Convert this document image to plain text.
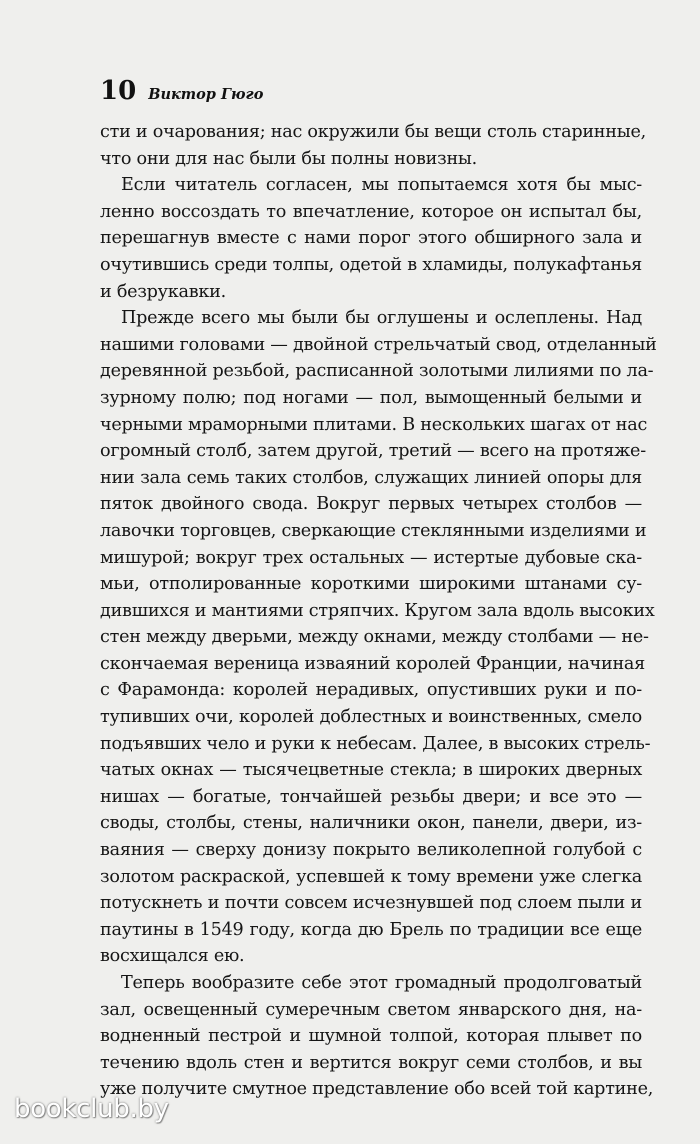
10 Виктор Гюго
сти и очарования; нас окружили бы вещи столь старинные,
что они для нас были бы полны новизны.
Если читатель согласен, мы попытаемся хотя бы мыс-
ленно воссоздать то впечатление, которое он испытал бы,
перешагнув вместе с нами порог этого обширного зала и
очутившись среди толпы, одетой в хламиды, полукафтанья
и безрукавки.
Прежде всего мы были бы оглушены и ослеплены. Над
нашими головами — двойной стрельчатый свод, отделанный
деревянной резьбой, расписанной золотыми лилиями по ла-
зурному полю; под ногами — пол, вымощенный белыми и
черными мраморными плитами. В нескольких шагах от нас
огромный столб, затем другой, третий — всего на протяже-
нии зала семь таких столбов, служащих линией опоры для
пяток двойного свода. Вокруг первых четырех столбов —
лавочки торговцев, сверкающие стеклянными изделиями и
мишурой; вокруг трех остальных — истертые дубовые ска-
мьи, отполированные короткими широкими штанами су-
дившихся и мантиями стряпчих. Кругом зала вдоль высоких
стен между дверьми, между окнами, между столбами — не-
скончаемая вереница изваяний королей Франции, начиная
с Фарамонда: королей нерадивых, опустивших руки и по-
тупивших очи, королей доблестных и воинственных, смело
подъявших чело и руки к небесам. Далее, в высоких стрель-
чатых окнах — тысячецветные стекла; в широких дверных
нишах — богатые, тончайшей резьбы двери; и все это —
своды, столбы, стены, наличники окон, панели, двери, из-
ваяния — сверху донизу покрыто великолепной голубой с
золотом раскраской, успевшей к тому времени уже слегка
потускнеть и почти совсем исчезнувшей под слоем пыли и
паутины в 1549 году, когда дю Брель по традиции все еще
восхищался ею.
Теперь вообразите себе этот громадный продолговатый
зал, освещенный сумеречным светом январского дня, на-
водненный пестрой и шумной толпой, которая плывет по
течению вдоль стен и вертится вокруг семи столбов, и вы
уже получите смутное представление обо всей той картине,
bookclub.by
